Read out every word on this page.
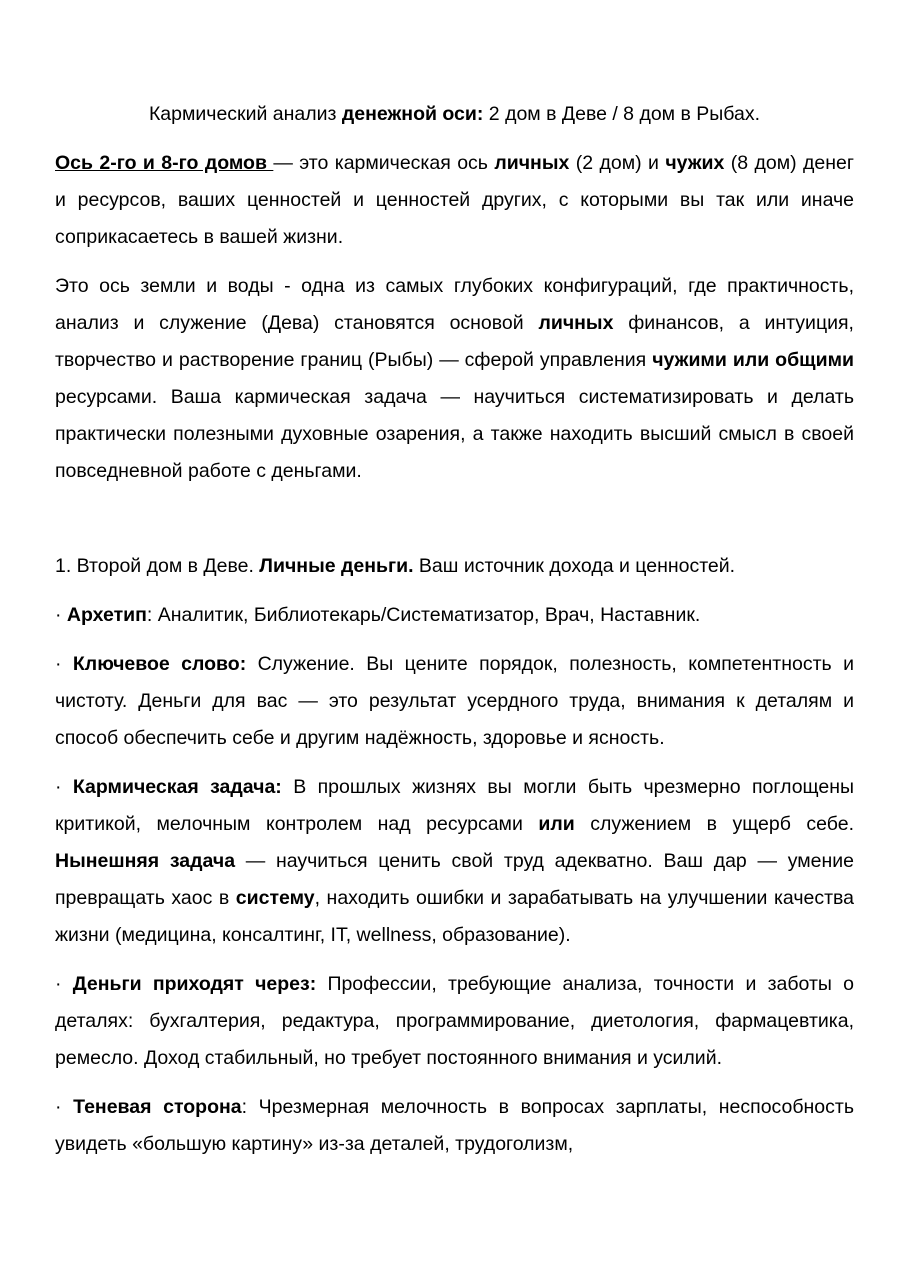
Кармический анализ денежной оси: 2 дом в Деве / 8 дом в Рыбах.

Ось 2-го и 8-го домов — это кармическая ось личных (2 дом) и чужих (8 дом) денег и ресурсов, ваших ценностей и ценностей других, с которыми вы так или иначе соприкасаетесь в вашей жизни.

Это ось земли и воды - одна из самых глубоких конфигураций, где практичность, анализ и служение (Дева) становятся основой личных финансов, а интуиция, творчество и растворение границ (Рыбы) — сферой управления чужими или общими ресурсами. Ваша кармическая задача — научиться систематизировать и делать практически полезными духовные озарения, а также находить высший смысл в своей повседневной работе с деньгами.

1. Второй дом в Деве. Личные деньги. Ваш источник дохода и ценностей.

· Архетип: Аналитик, Библиотекарь/Систематизатор, Врач, Наставник.

· Ключевое слово: Служение. Вы цените порядок, полезность, компетентность и чистоту. Деньги для вас — это результат усердного труда, внимания к деталям и способ обеспечить себе и другим надёжность, здоровье и ясность.

· Кармическая задача: В прошлых жизнях вы могли быть чрезмерно поглощены критикой, мелочным контролем над ресурсами или служением в ущерб себе. Нынешняя задача — научиться ценить свой труд адекватно. Ваш дар — умение превращать хаос в систему, находить ошибки и зарабатывать на улучшении качества жизни (медицина, консалтинг, IT, wellness, образование).

· Деньги приходят через: Профессии, требующие анализа, точности и заботы о деталях: бухгалтерия, редактура, программирование, диетология, фармацевтика, ремесло. Доход стабильный, но требует постоянного внимания и усилий.

· Теневая сторона: Чрезмерная мелочность в вопросах зарплаты, неспособность увидеть «большую картину» из-за деталей, трудоголизм,
